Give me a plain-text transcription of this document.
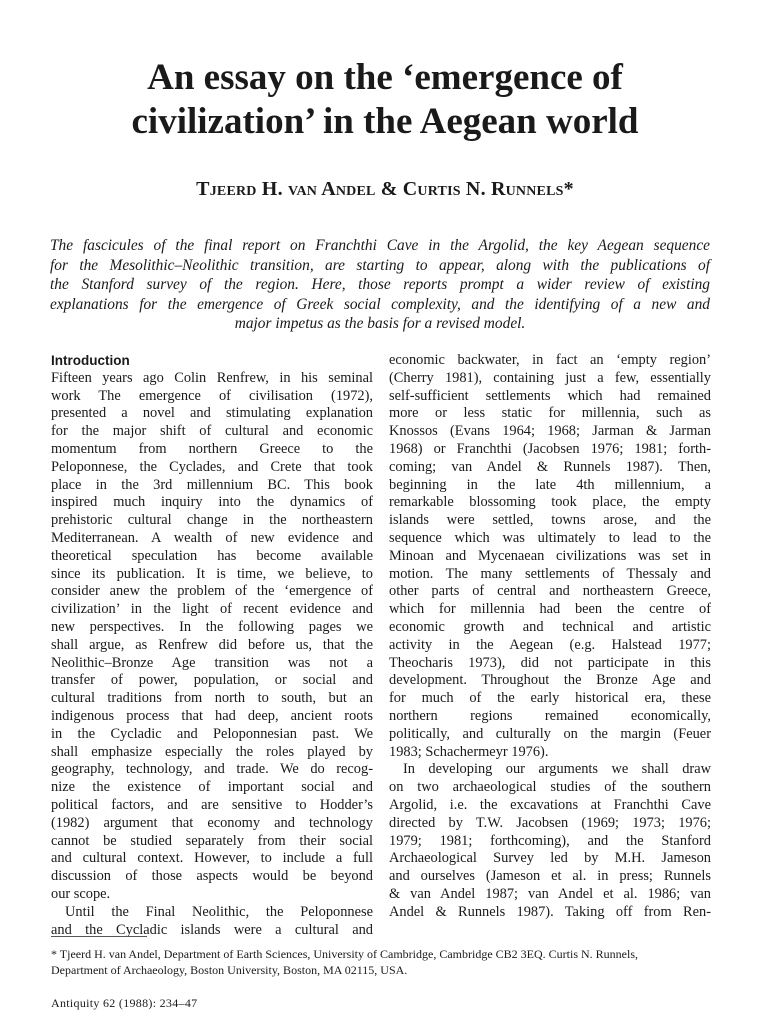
An essay on the ‘emergence of
civilization’ in the Aegean world
Tjeerd H. van Andel & Curtis N. Runnels*

The fascicules of the final report on Franchthi Cave in the Argolid, the key Aegean sequence
for the Mesolithic–Neolithic transition, are starting to appear, along with the publications of
the Stanford survey of the region. Here, those reports prompt a wider review of existing
explanations for the emergence of Greek social complexity, and the identifying of a new and
major impetus as the basis for a revised model.

Introduction
Fifteen years ago Colin Renfrew, in his seminal
work The emergence of civilisation (1972),
presented a novel and stimulating explanation
for the major shift of cultural and economic
momentum from northern Greece to the
Peloponnese, the Cyclades, and Crete that took
place in the 3rd millennium BC. This book
inspired much inquiry into the dynamics of
prehistoric cultural change in the northeastern
Mediterranean. A wealth of new evidence and
theoretical speculation has become available
since its publication. It is time, we believe, to
consider anew the problem of the ‘emergence of
civilization’ in the light of recent evidence and
new perspectives. In the following pages we
shall argue, as Renfrew did before us, that the
Neolithic–Bronze Age transition was not a
transfer of power, population, or social and
cultural traditions from north to south, but an
indigenous process that had deep, ancient roots
in the Cycladic and Peloponnesian past. We
shall emphasize especially the roles played by
geography, technology, and trade. We do recog-
nize the existence of important social and
political factors, and are sensitive to Hodder’s
(1982) argument that economy and technology
cannot be studied separately from their social
and cultural context. However, to include a full
discussion of those aspects would be beyond
our scope.
Until the Final Neolithic, the Peloponnese
and the Cycladic islands were a cultural and
economic backwater, in fact an ‘empty region’
(Cherry 1981), containing just a few, essentially
self-sufficient settlements which had remained
more or less static for millennia, such as
Knossos (Evans 1964; 1968; Jarman & Jarman
1968) or Franchthi (Jacobsen 1976; 1981; forth-
coming; van Andel & Runnels 1987). Then,
beginning in the late 4th millennium, a
remarkable blossoming took place, the empty
islands were settled, towns arose, and the
sequence which was ultimately to lead to the
Minoan and Mycenaean civilizations was set in
motion. The many settlements of Thessaly and
other parts of central and northeastern Greece,
which for millennia had been the centre of
economic growth and technical and artistic
activity in the Aegean (e.g. Halstead 1977;
Theocharis 1973), did not participate in this
development. Throughout the Bronze Age and
for much of the early historical era, these
northern regions remained economically,
politically, and culturally on the margin (Feuer
1983; Schachermeyr 1976).
In developing our arguments we shall draw
on two archaeological studies of the southern
Argolid, i.e. the excavations at Franchthi Cave
directed by T.W. Jacobsen (1969; 1973; 1976;
1979; 1981; forthcoming), and the Stanford
Archaeological Survey led by M.H. Jameson
and ourselves (Jameson et al. in press; Runnels
& van Andel 1987; van Andel et al. 1986; van
Andel & Runnels 1987). Taking off from Ren-

* Tjeerd H. van Andel, Department of Earth Sciences, University of Cambridge, Cambridge CB2 3EQ. Curtis N. Runnels,
Department of Archaeology, Boston University, Boston, MA 02115, USA.

Antiquity 62 (1988): 234–47
